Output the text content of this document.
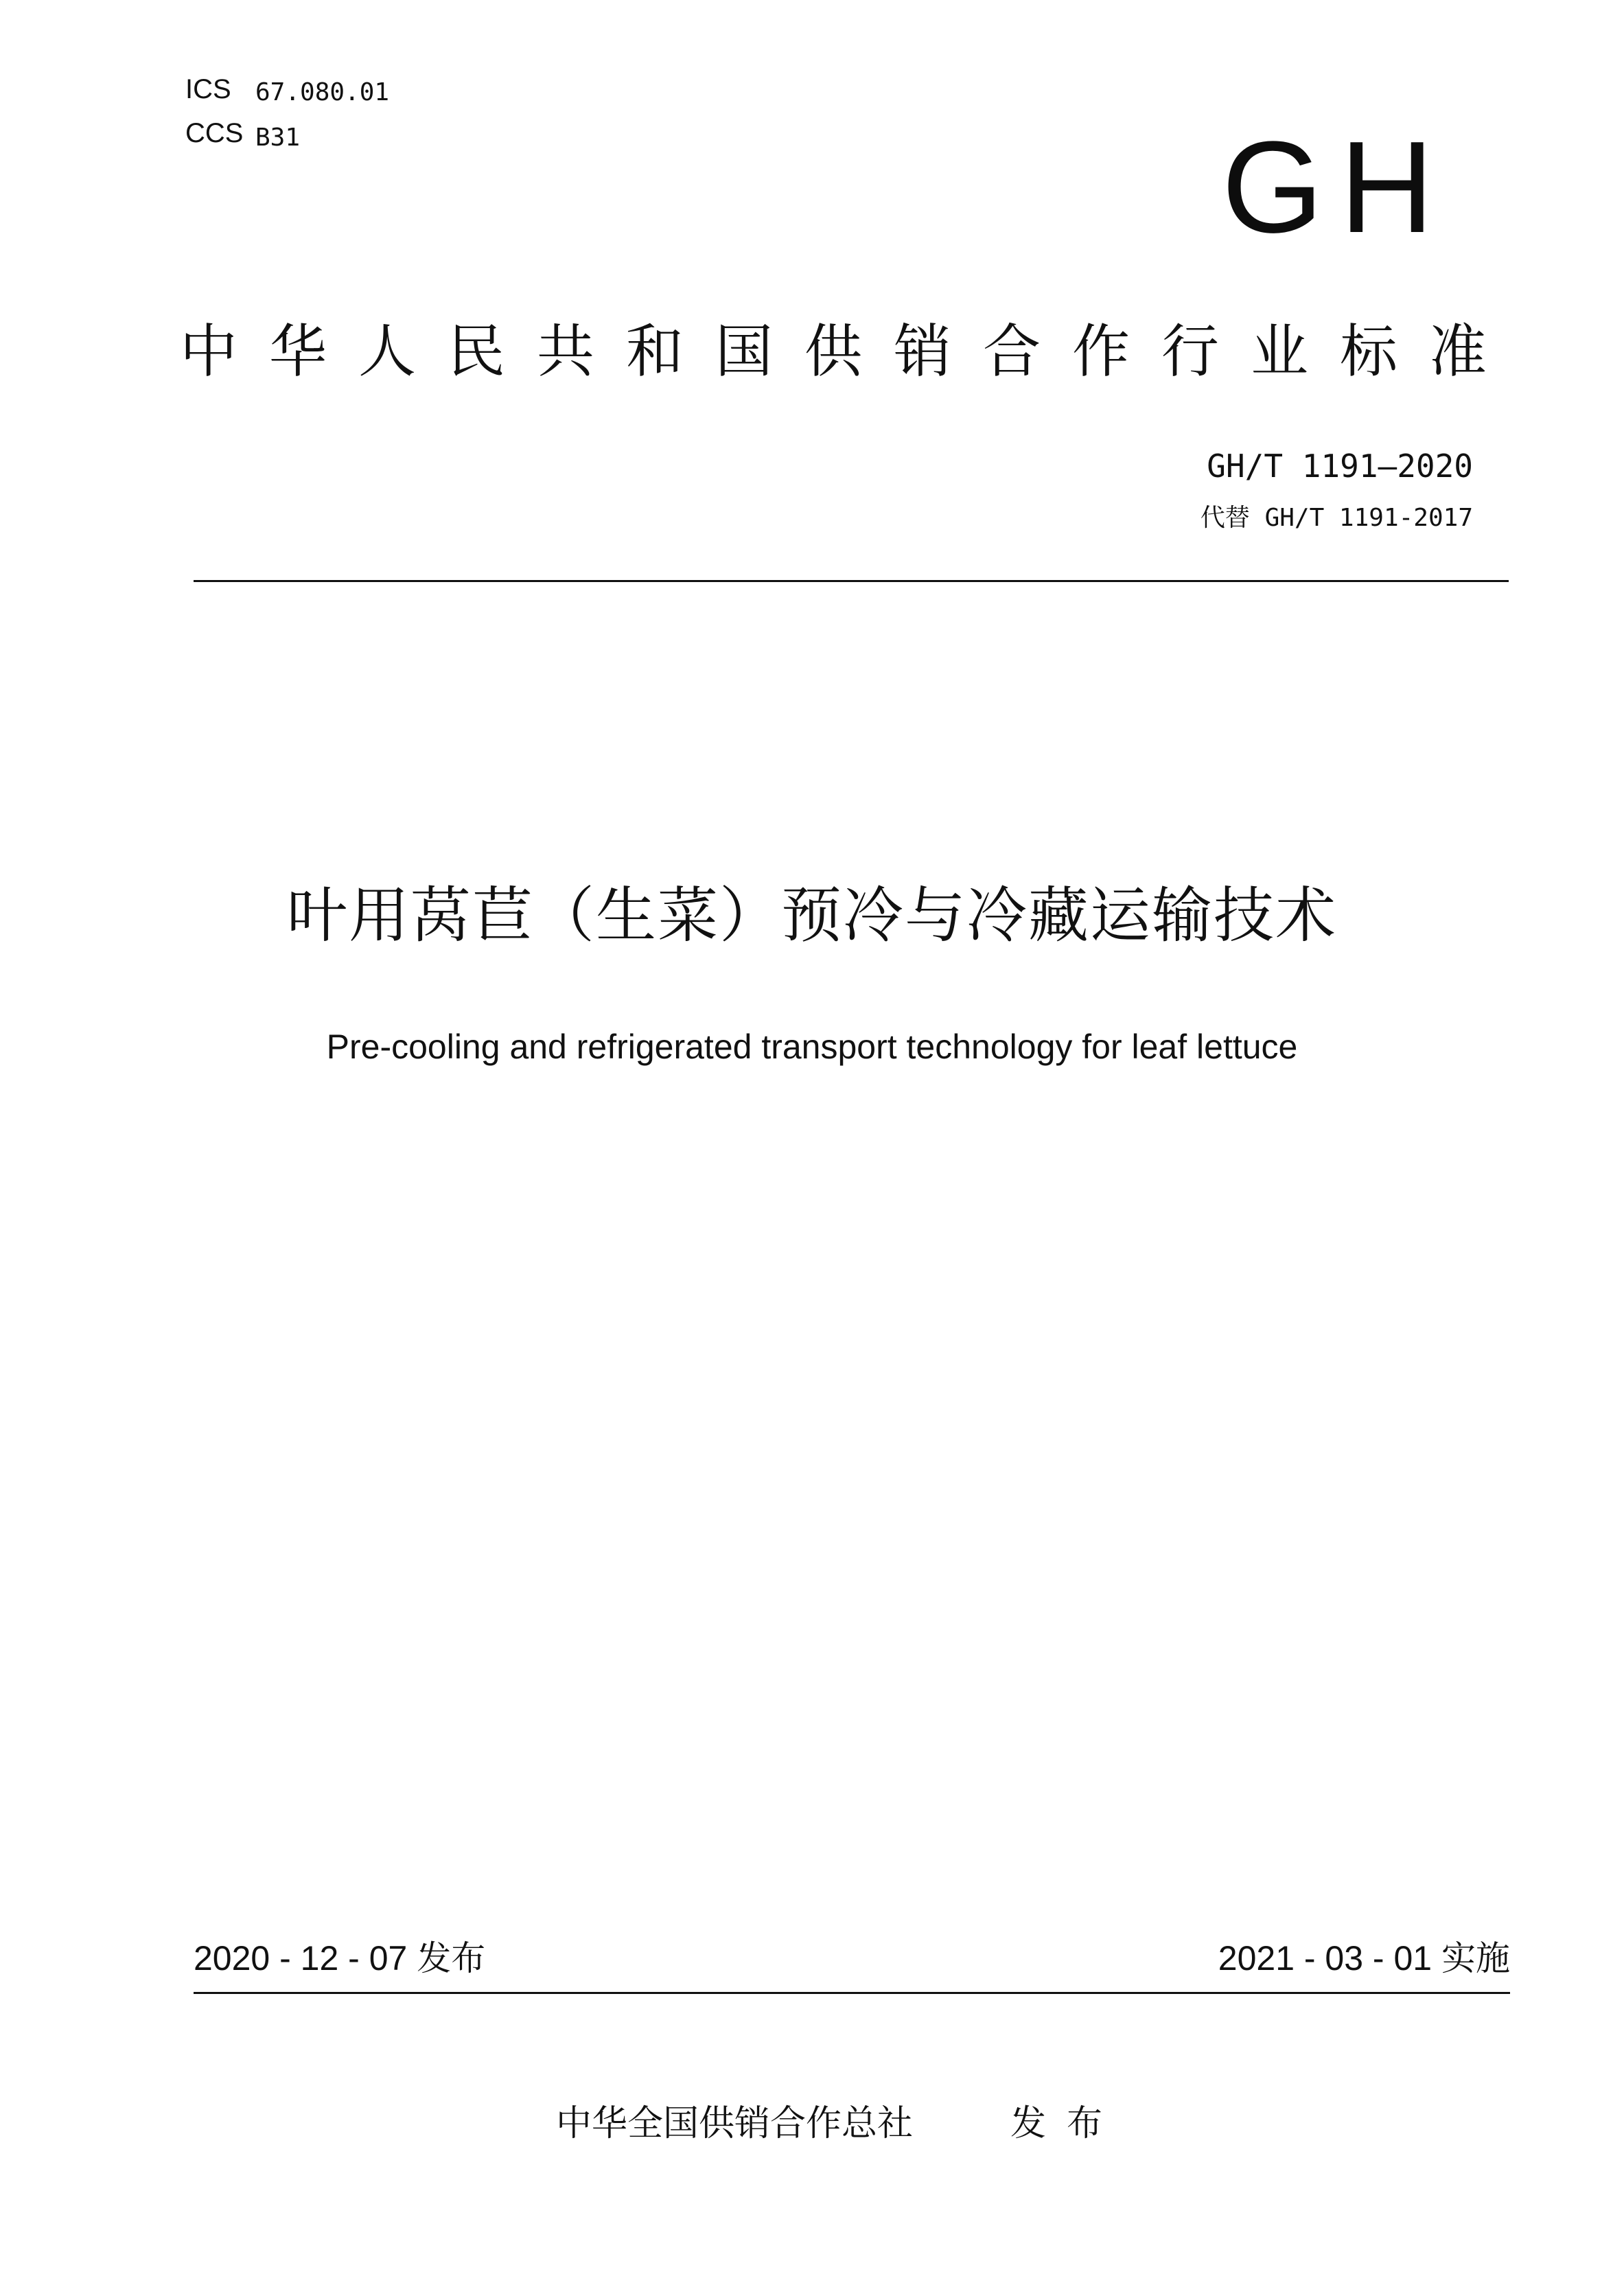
ICS 67.080.01
CCS B31	GH
中华人民共和国供销合作行业标准
GH/T 1191—2020
代替 GH/T 1191-2017
叶用莴苣（生菜）预冷与冷藏运输技术
Pre-cooling and refrigerated transport technology for leaf lettuce
2020 - 12 - 07 发布	2021 - 03 - 01 实施
中华全国供销合作总社	发布
